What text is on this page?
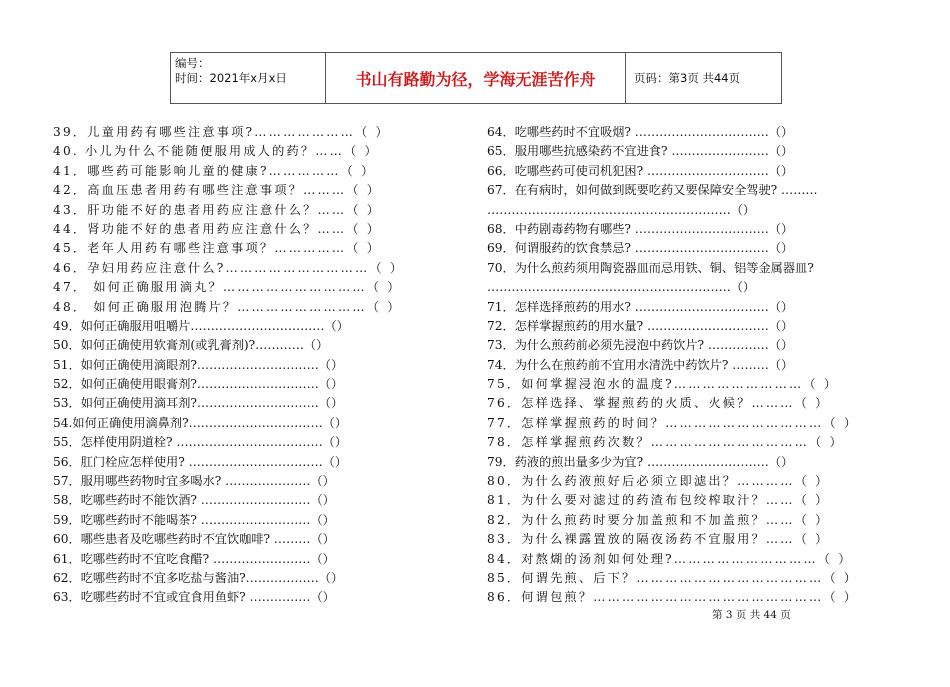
编号：
时间：2021年x月x日	书山有路勤为径，学海无涯苦作舟	页码：第3页 共44页
39．儿童用药有哪些注意事项?…………………（ ）
40. 小儿为什么不能随便服用成人的药？……（ ）
41．哪些药可能影响儿童的健康?……………（ ）
42．高血压患者用药有哪些注意事项？………（ ）
43．肝功能不好的患者用药应注意什么？……（ ）
44．肾功能不好的患者用药应注意什么？……（ ）
45．老年人用药有哪些注意事项？……………（ ）
46．孕妇用药应注意什么?…………………………（ ）
47． 如何正确服用滴丸？…………………………（ ）
48． 如何正确服用泡腾片？………………………（ ）
49．如何正确服用咀嚼片……………………………（）
50．如何正确使用软膏剂(或乳膏剂)?…………（）
51．如何正确使用滴眼剂?…………………………（）
52．如何正确使用眼膏剂?…………………………（）
53．如何正确使用滴耳剂?…………………………（）
54.如何正确使用滴鼻剂?……………………………（）
55．怎样使用阴道栓? ………………………………（）
56．肛门栓应怎样使用? ……………………………（）
57．服用哪些药物时宜多喝水? …………………（）
58．吃哪些药时不能饮酒? ………………………（）
59．吃哪些药时不能喝茶? ………………………（）
60．哪些患者及吃哪些药时不宜饮咖啡? ………（）
61．吃哪些药时不宜吃食醋? ……………………（）
62．吃哪些药时不宜多吃盐与酱油?………………（）
63．吃哪些药时不宜或宜食用鱼虾? ……………（）
64．吃哪些药时不宜吸烟? ……………………………（）
65．服用哪些抗感染药不宜进食? ……………………（）
66．吃哪些药可使司机犯困? …………………………（）
67．在有病时，如何做到既要吃药又要保障安全驾驶? ………
……………………………………………………（）
68．中药剧毒药物有哪些? ……………………………（）
69．何谓服药的饮食禁忌? ……………………………（）
70．为什么煎药须用陶瓷器皿而忌用铁、铜、铝等金属器皿?
……………………………………………………（）
71．怎样选择煎药的用水? ……………………………（）
72．怎样掌握煎药的用水量? …………………………（）
73．为什么煎药前必须先浸泡中药饮片? ……………（）
74．为什么在煎药前不宜用水清洗中药饮片? ………（）
75．如何掌握浸泡水的温度?………………………（ ）
76．怎样选择、掌握煎药的火质、火候？………（ ）
77．怎样掌握煎药的时间？……………………………（ ）
78．怎样掌握煎药次数？……………………………（ ）
79．药液的煎出量多少为宜? …………………………（）
80．为什么药液煎好后必须立即滤出？…………（ ）
81．为什么要对滤过的药渣布包绞榨取汁？……（ ）
82．为什么煎药时要分加盖煎和不加盖煎？……（ ）
83．为什么裸露置放的隔夜汤药不宜服用？……（ ）
84．对熬煳的汤剂如何处理?…………………………（ ）
85．何谓先煎、后下？…………………………………（ ）
86．何谓包煎？…………………………………………（ ）
第 3 页 共 44 页
